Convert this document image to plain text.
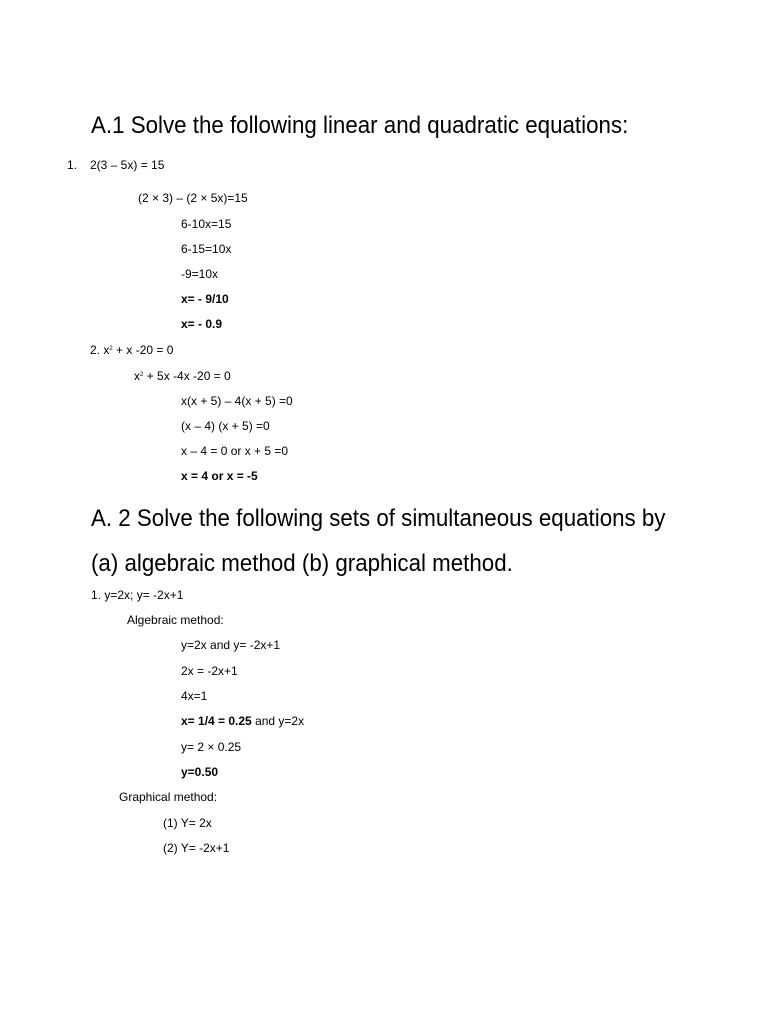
A.1 Solve the following linear and quadratic equations:
1. 2(3 – 5x) = 15
(2 × 3) – (2 × 5x)=15
6-10x=15
6-15=10x
-9=10x
x= - 9/10
x= - 0.9
2. $x^2 + x$ -20 = 0
$x^2 + 5x$ -4x -20 = 0
x(x + 5) – 4(x + 5) =0
(x – 4) (x + 5) =0
x – 4 = 0 or x + 5 =0
x = 4 or x = -5
A. 2 Solve the following sets of simultaneous equations by
(a) algebraic method (b) graphical method.
1. y=2x; y= -2x+1
Algebraic method:
y=2x and y= -2x+1
2x = -2x+1
4x=1
x= 1/4 = 0.25 and y=2x
y= 2 × 0.25
y=0.50
Graphical method:
(1) Y= 2x
(2) Y= -2x+1
